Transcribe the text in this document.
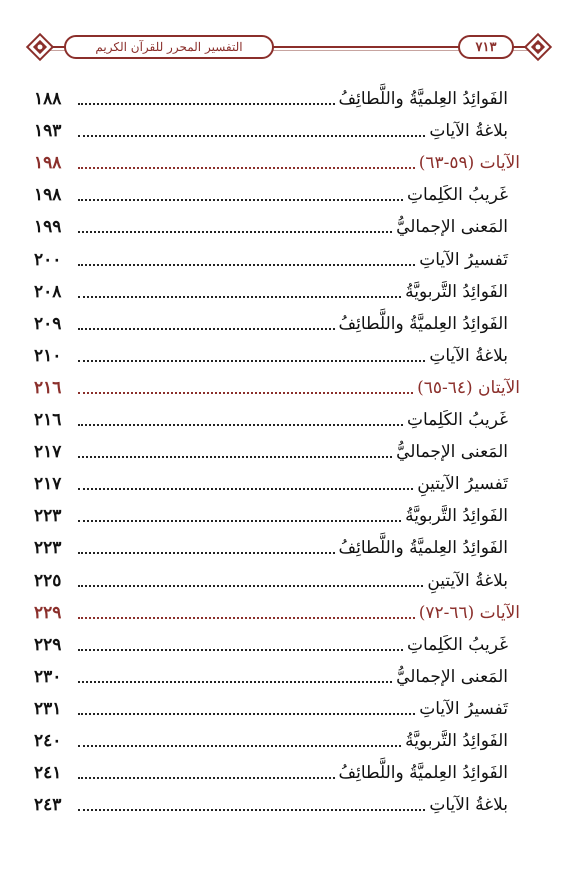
التفسير المحرر للقرآن الكريم	٧١٣
الفَوائِدُ العِلميَّةُ واللَّطائِفُ
١٨٨
بلاغةُ الآياتِ
١٩٣
الآيات (٥٩-٦٣)
١٩٨
غَريبُ الكَلِماتِ
١٩٨
المَعنى الإجماليُّ
١٩٩
تَفسيرُ الآياتِ
٢٠٠
الفَوائِدُ التَّربويَّةُ
٢٠٨
الفَوائِدُ العِلميَّةُ واللَّطائِفُ
٢٠٩
بلاغةُ الآياتِ
٢١٠
الآيتان (٦٤-٦٥)
٢١٦
غَريبُ الكَلِماتِ
٢١٦
المَعنى الإجماليُّ
٢١٧
تَفسيرُ الآيتينِ
٢١٧
الفَوائِدُ التَّربويَّةُ
٢٢٣
الفَوائِدُ العِلميَّةُ واللَّطائِفُ
٢٢٣
بلاغةُ الآيتينِ
٢٢٥
الآيات (٦٦-٧٢)
٢٢٩
غَريبُ الكَلِماتِ
٢٢٩
المَعنى الإجماليُّ
٢٣٠
تَفسيرُ الآياتِ
٢٣١
الفَوائِدُ التَّربويَّةُ
٢٤٠
الفَوائِدُ العِلميَّةُ واللَّطائِفُ
٢٤١
بلاغةُ الآياتِ
٢٤٣
